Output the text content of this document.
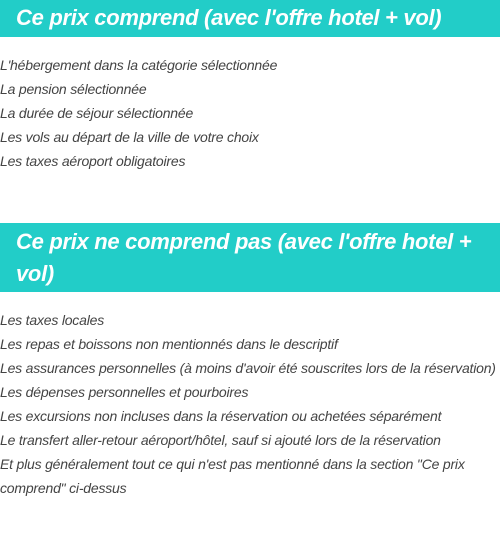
Ce prix comprend (avec l'offre hotel + vol)
L'hébergement dans la catégorie sélectionnée
La pension sélectionnée
La durée de séjour sélectionnée
Les vols au départ de la ville de votre choix
Les taxes aéroport obligatoires
Ce prix ne comprend pas (avec l'offre hotel + vol)
Les taxes locales
Les repas et boissons non mentionnés dans le descriptif
Les assurances personnelles (à moins d'avoir été souscrites lors de la réservation)
Les dépenses personnelles et pourboires
Les excursions non incluses dans la réservation ou achetées séparément
Le transfert aller-retour aéroport/hôtel, sauf si ajouté lors de la réservation
Et plus généralement tout ce qui n'est pas mentionné dans la section "Ce prix comprend" ci-dessus
